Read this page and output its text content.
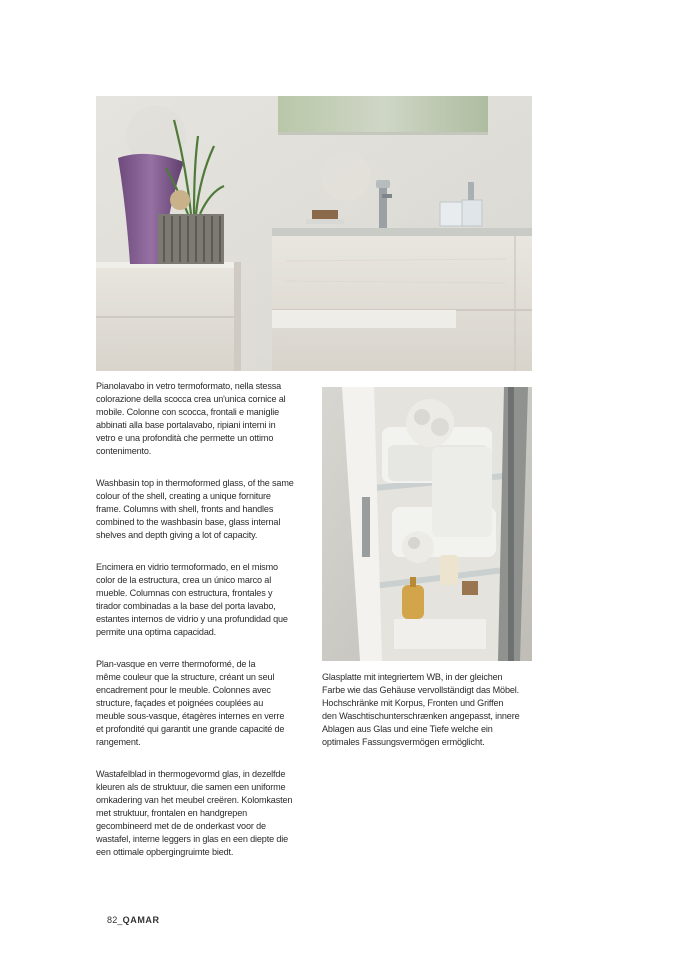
Pianolavabo in vetro termoformato, nella stessa
colorazione della scocca crea un'unica cornice al
mobile. Colonne con scocca, frontali e maniglie
abbinati alla base portalavabo, ripiani interni in
vetro e una profondità che permette un ottimo
contenimento.

Washbasin top in thermoformed glass, of the same
colour of the shell, creating a unique forniture
frame. Columns with shell, fronts and handles
combined to the washbasin base, glass internal
shelves and depth giving a lot of capacity.

Encimera en vidrio termoformado, en el mismo
color de la estructura, crea un único marco al
mueble. Columnas con estructura, frontales y
tirador combinadas a la base del porta lavabo,
estantes internos de vidrio y una profundidad que
permite una optima capacidad.

Plan-vasque en verre thermoformé, de la
même couleur que la structure, créant un seul
encadrement pour le meuble. Colonnes avec
structure, façades et poignées couplées au
meuble sous-vasque, étagères internes en verre
et profondité qui garantit une grande capacité de
rangement.

Wastafelblad in thermogevormd glas, in dezelfde
kleuren als de struktuur, die samen een uniforme
omkadering van het meubel creëren. Kolomkasten
met struktuur, frontalen en handgrepen
gecombineerd met de de onderkast voor de
wastafel, interne leggers in glas en een diepte die
een ottimale opbergingruimte biedt.

Glasplatte mit integriertem WB, in der gleichen
Farbe wie das Gehäuse vervollständigt das Möbel.
Hochschränke mit Korpus, Fronten und Griffen
den Waschtischunterschrænken angepasst, innere
Ablagen aus Glas und eine Tiefe welche ein
optimales Fassungsvermögen ermöglicht.

82_QAMAR
